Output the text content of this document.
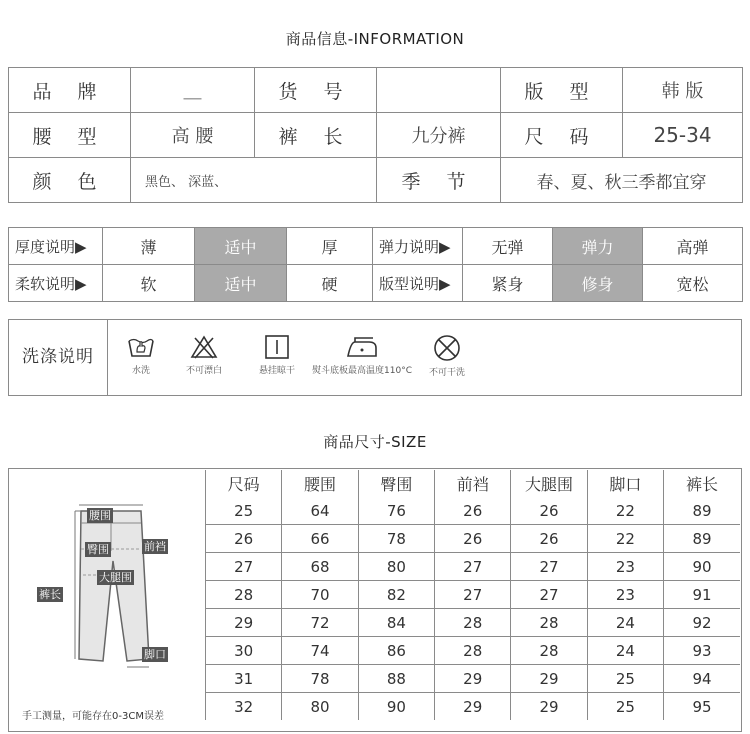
商品信息-INFORMATION
品 牌	＿	货 号		版 型	韩 版
腰 型	高 腰	裤 长	九分裤	尺 码	25-34
颜 色	黑色、 深蓝、		季 节	春、夏、秋三季都宜穿	
厚度说明▶	薄	适中	厚	弹力说明▶	无弹	弹力	高弹
柔软说明▶	软	适中	硬	版型说明▶	紧身	修身	宽松
洗涤说明
水洗	不可漂白	悬挂晾干	熨斗底板最高温度110°C	不可干洗
商品尺寸-SIZE
腰围
臀围	前裆
大腿围
裤长
脚口
尺码	腰围	臀围	前裆	大腿围	脚口	裤长
25	64	76	26	26	22	89
26	66	78	26	26	22	89
27	68	80	27	27	23	90
28	70	82	27	27	23	91
29	72	84	28	28	24	92
30	74	86	28	28	24	93
31	78	88	29	29	25	94
32	80	90	29	29	25	95
手工测量，可能存在0-3CM误差
